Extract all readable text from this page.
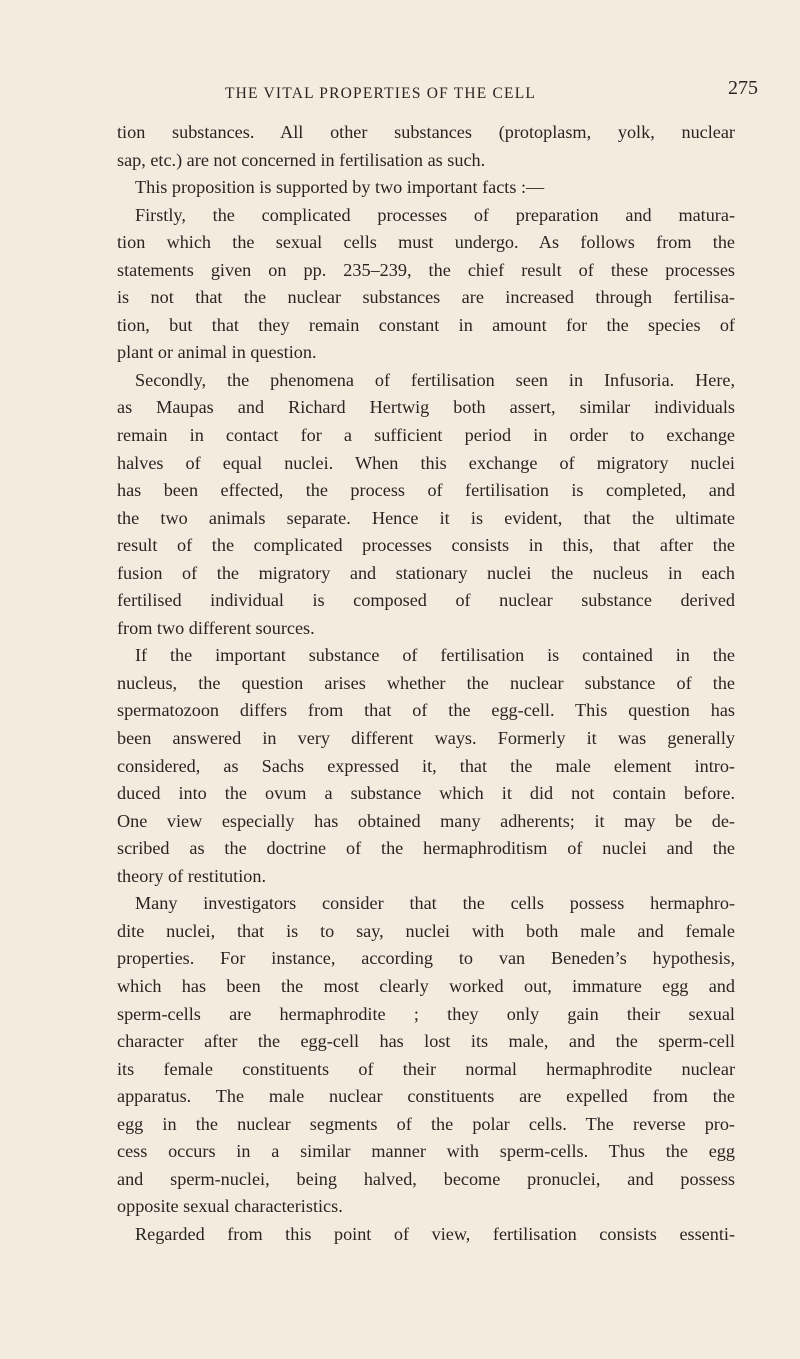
THE VITAL PROPERTIES OF THE CELL	275
tion substances. All other substances (protoplasm, yolk, nuclear
sap, etc.) are not concerned in fertilisation as such.
This proposition is supported by two important facts :—
Firstly, the complicated processes of preparation and matura-
tion which the sexual cells must undergo. As follows from the
statements given on pp. 235–239, the chief result of these processes
is not that the nuclear substances are increased through fertilisa-
tion, but that they remain constant in amount for the species of
plant or animal in question.
Secondly, the phenomena of fertilisation seen in Infusoria. Here,
as Maupas and Richard Hertwig both assert, similar individuals
remain in contact for a sufficient period in order to exchange
halves of equal nuclei. When this exchange of migratory nuclei
has been effected, the process of fertilisation is completed, and
the two animals separate. Hence it is evident, that the ultimate
result of the complicated processes consists in this, that after the
fusion of the migratory and stationary nuclei the nucleus in each
fertilised individual is composed of nuclear substance derived
from two different sources.
If the important substance of fertilisation is contained in the
nucleus, the question arises whether the nuclear substance of the
spermatozoon differs from that of the egg-cell. This question has
been answered in very different ways. Formerly it was generally
considered, as Sachs expressed it, that the male element intro-
duced into the ovum a substance which it did not contain before.
One view especially has obtained many adherents; it may be de-
scribed as the doctrine of the hermaphroditism of nuclei and the
theory of restitution.
Many investigators consider that the cells possess hermaphro-
dite nuclei, that is to say, nuclei with both male and female
properties. For instance, according to van Beneden’s hypothesis,
which has been the most clearly worked out, immature egg and
sperm-cells are hermaphrodite ; they only gain their sexual
character after the egg-cell has lost its male, and the sperm-cell
its female constituents of their normal hermaphrodite nuclear
apparatus. The male nuclear constituents are expelled from the
egg in the nuclear segments of the polar cells. The reverse pro-
cess occurs in a similar manner with sperm-cells. Thus the egg
and sperm-nuclei, being halved, become pronuclei, and possess
opposite sexual characteristics.
Regarded from this point of view, fertilisation consists essenti-
